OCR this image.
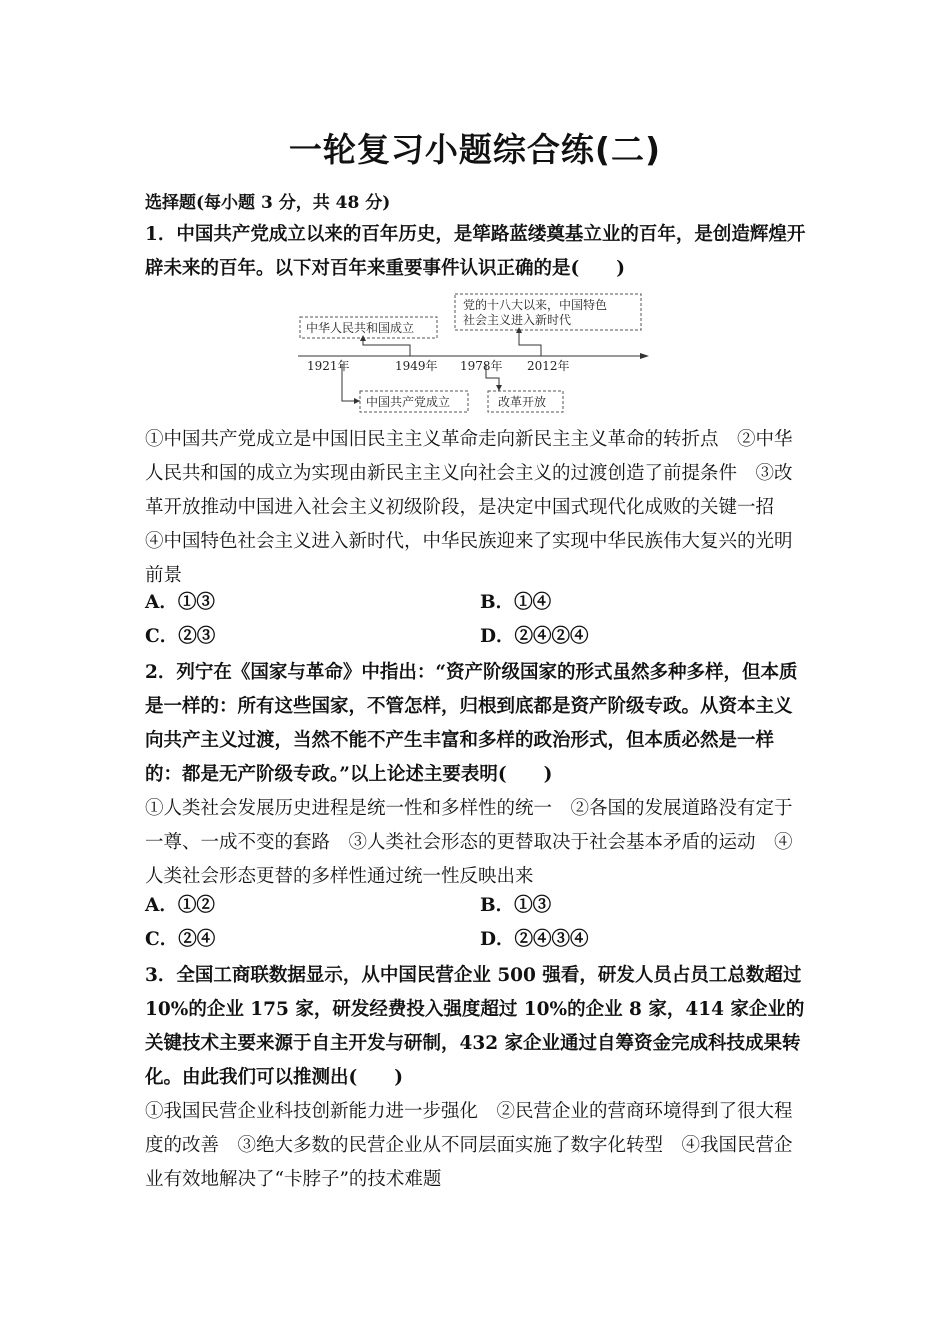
一轮复习小题综合练(二)
选择题(每小题 3 分，共 48 分)
1．中国共产党成立以来的百年历史，是筚路蓝缕奠基立业的百年，是创造辉煌开辟未来的百年。以下对百年来重要事件认识正确的是(　　)
中华人民共和国成立
党的十八大以来，中国特色
社会主义进入新时代
中国共产党成立	改革开放
1921年	1949年 1978年 2012年
①中国共产党成立是中国旧民主主义革命走向新民主主义革命的转折点　②中华人民共和国的成立为实现由新民主主义向社会主义的过渡创造了前提条件　③改革开放推动中国进入社会主义初级阶段，是决定中国式现代化成败的关键一招　④中国特色社会主义进入新时代，中华民族迎来了实现中华民族伟大复兴的光明前景
A．①③	B．①④
C．②③	D．②④②④
2．列宁在《国家与革命》中指出：“资产阶级国家的形式虽然多种多样，但本质是一样的：所有这些国家，不管怎样，归根到底都是资产阶级专政。从资本主义向共产主义过渡，当然不能不产生丰富和多样的政治形式，但本质必然是一样的：都是无产阶级专政。”以上论述主要表明(　　)
①人类社会发展历史进程是统一性和多样性的统一　②各国的发展道路没有定于一尊、一成不变的套路　③人类社会形态的更替取决于社会基本矛盾的运动　④人类社会形态更替的多样性通过统一性反映出来
A．①②	B．①③
C．②④	D．②④③④
3．全国工商联数据显示，从中国民营企业 500 强看，研发人员占员工总数超过 10%的企业 175 家，研发经费投入强度超过 10%的企业 8 家，414 家企业的关键技术主要来源于自主开发与研制，432 家企业通过自筹资金完成科技成果转化。由此我们可以推测出(　　)
①我国民营企业科技创新能力进一步强化　②民营企业的营商环境得到了很大程度的改善　③绝大多数的民营企业从不同层面实施了数字化转型　④我国民营企业有效地解决了“卡脖子”的技术难题
